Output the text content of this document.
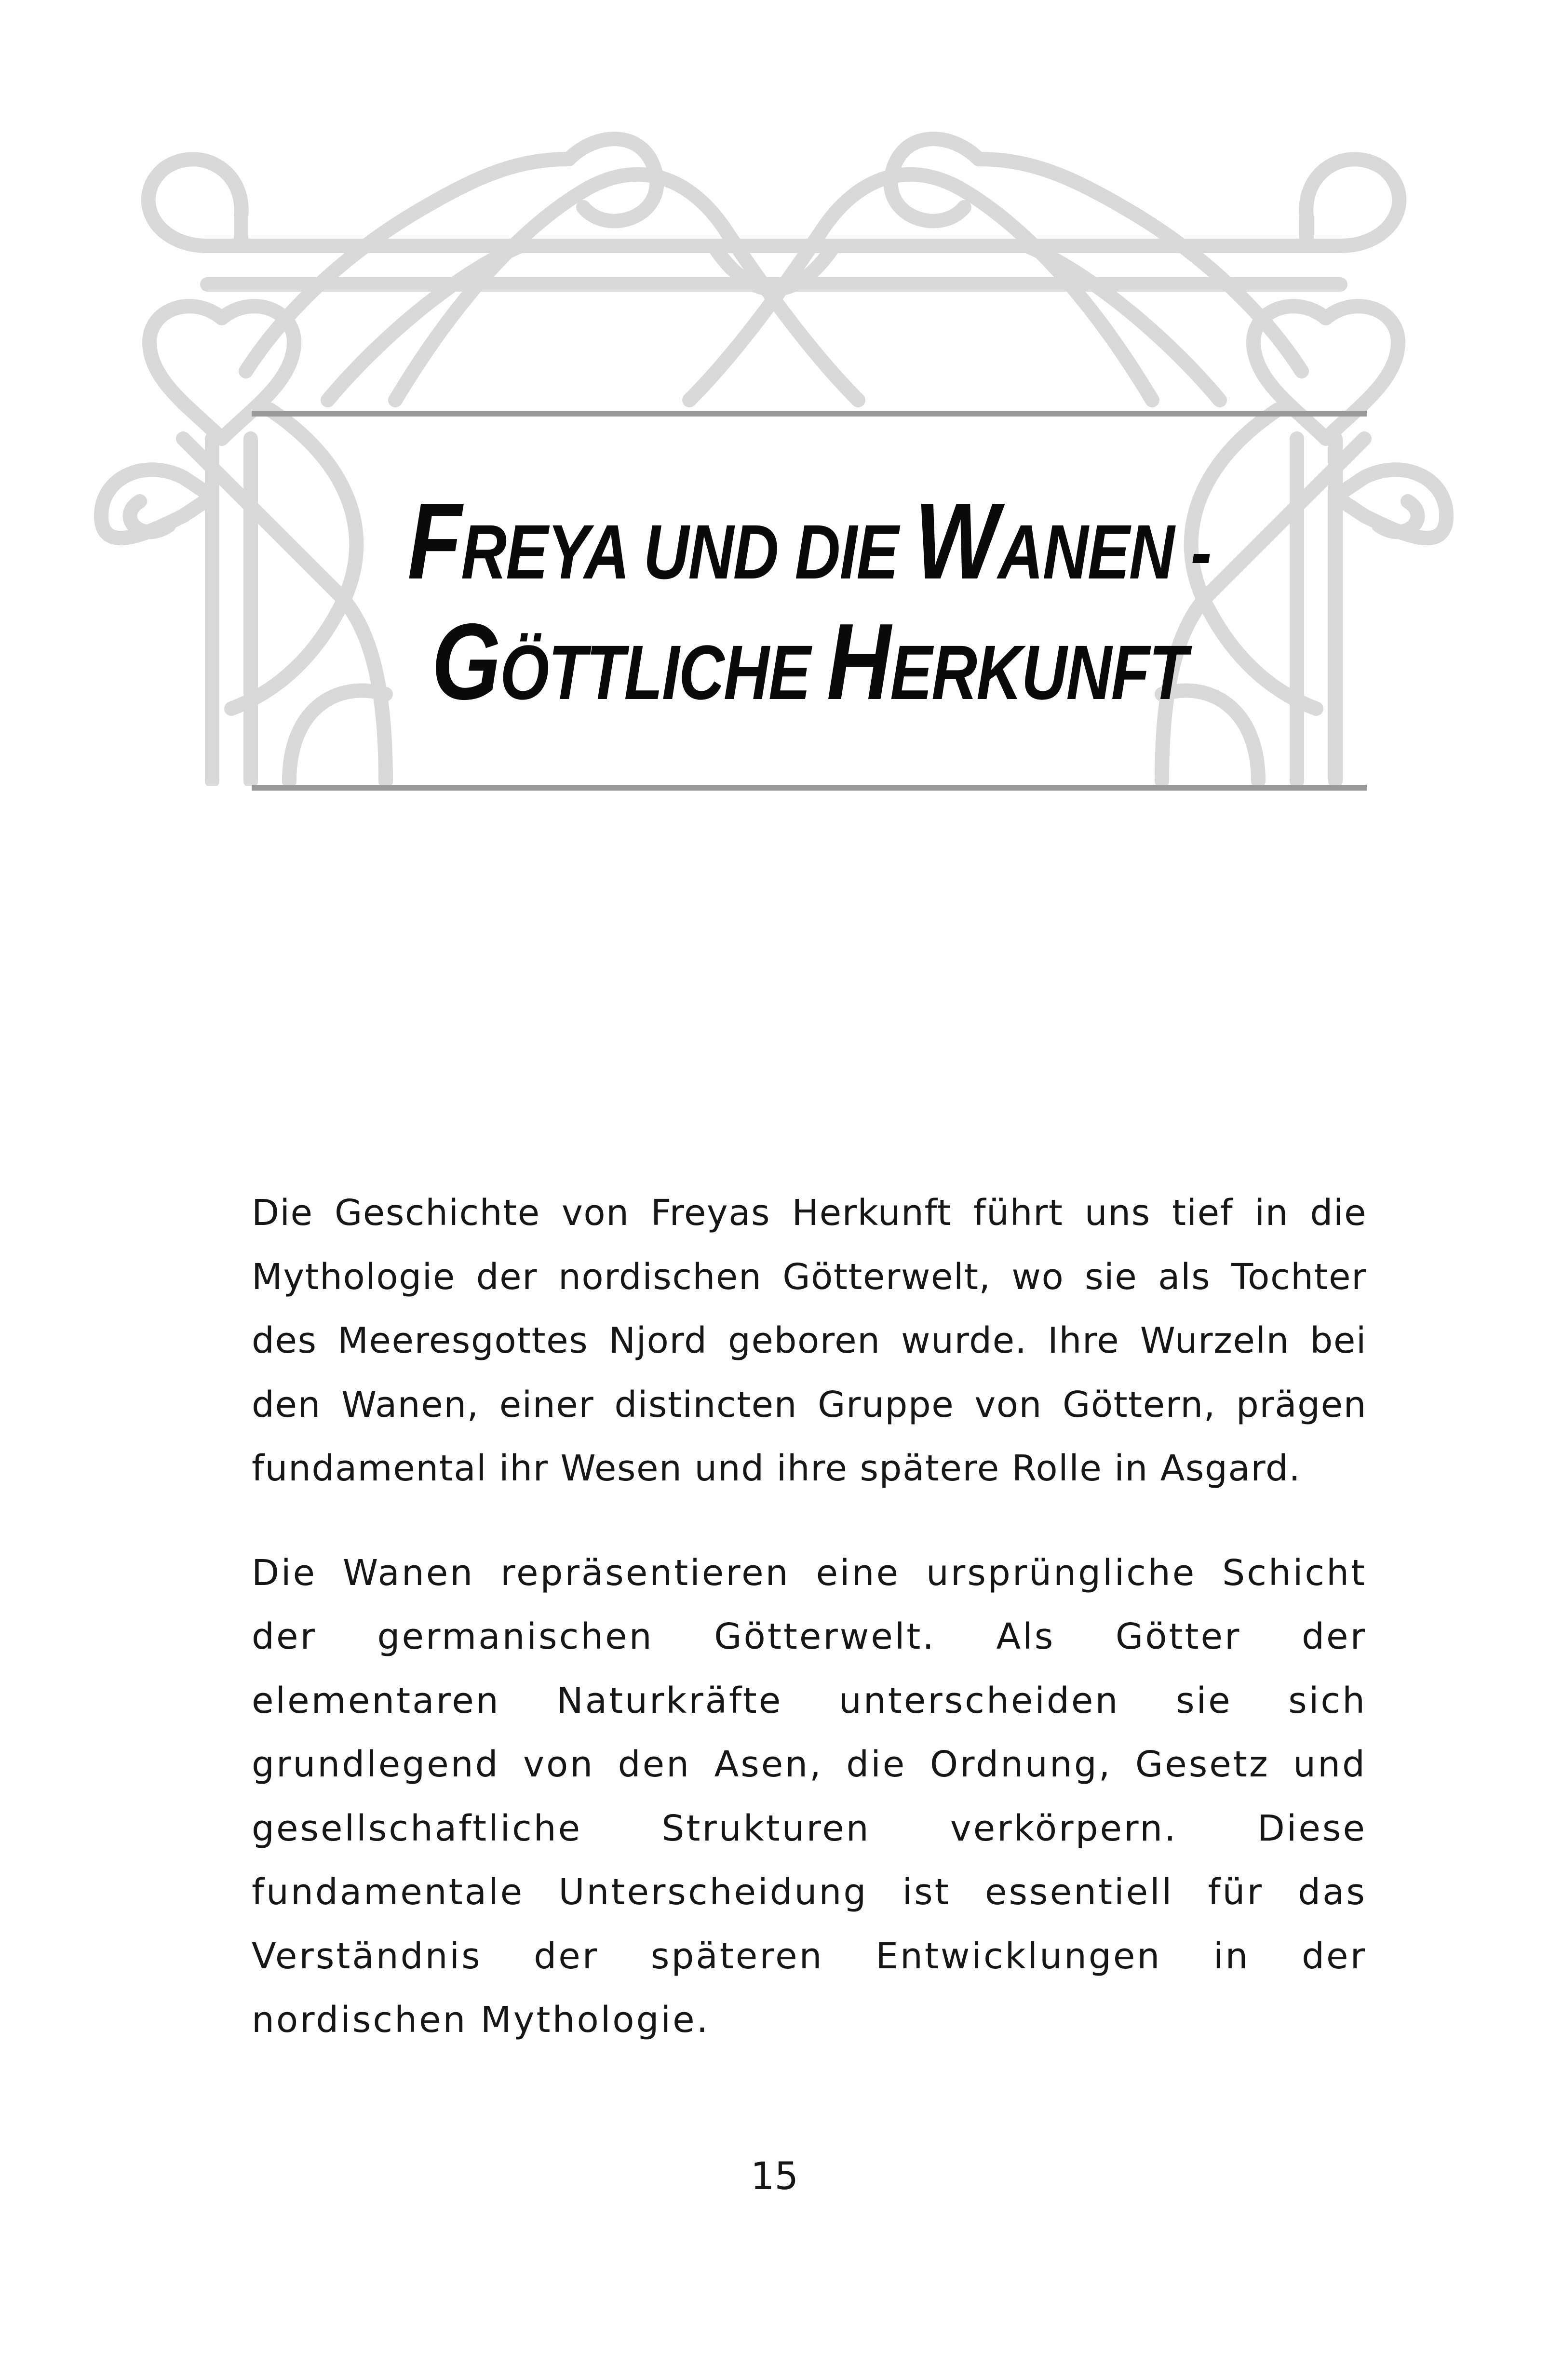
FREYA UND DIE WANEN -
GÖTTLICHE HERKUNFT

Die Geschichte von Freyas Herkunft führt uns tief in die Mythologie der nordischen Götterwelt, wo sie als Tochter des Meeresgottes Njord geboren wurde. Ihre Wurzeln bei den Wanen, einer distincten Gruppe von Göttern, prägen fundamental ihr Wesen und ihre spätere Rolle in Asgard.

Die Wanen repräsentieren eine ursprüngliche Schicht der germanischen Götterwelt. Als Götter der elementaren Naturkräfte unterscheiden sie sich grundlegend von den Asen, die Ordnung, Gesetz und gesellschaftliche Strukturen verkörpern. Diese fundamentale Unterscheidung ist essentiell für das Verständnis der späteren Entwicklungen in der nordischen Mythologie.

15
